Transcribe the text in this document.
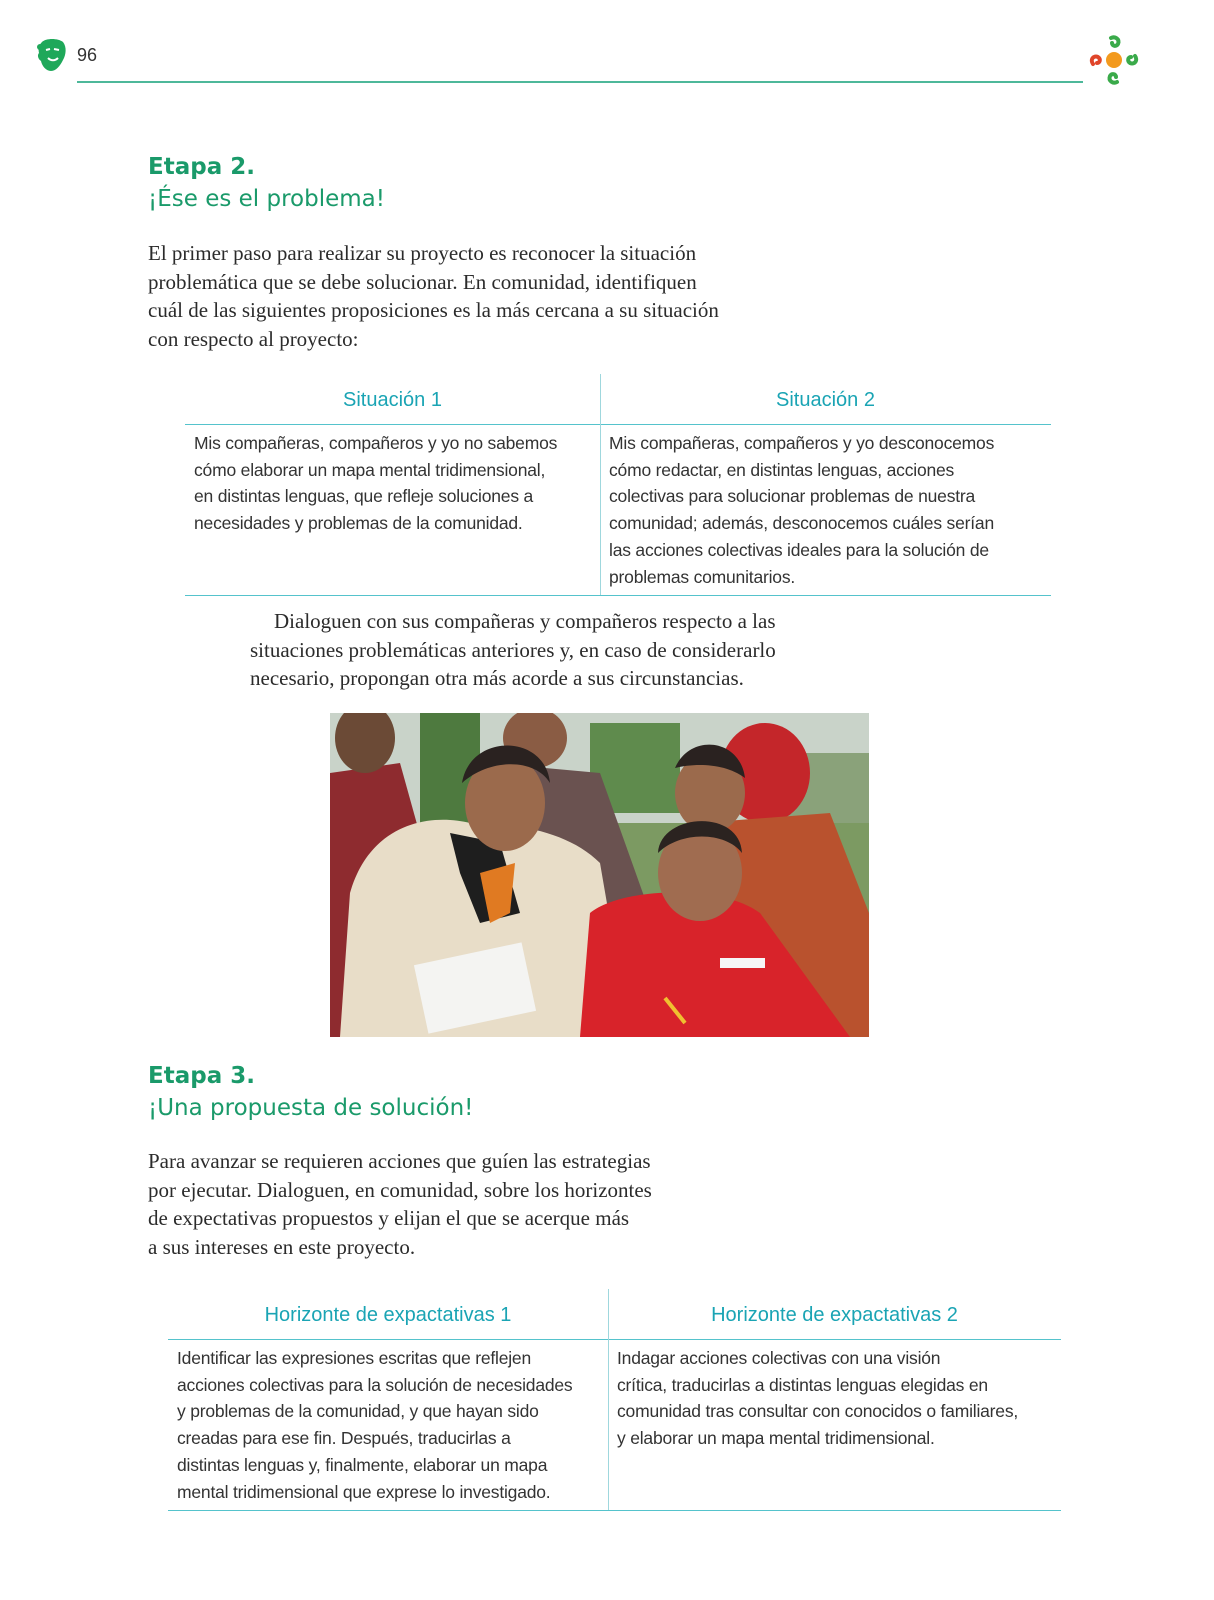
96
Etapa 2.
¡Ése es el problema!
El primer paso para realizar su proyecto es reconocer la situación
problemática que se debe solucionar. En comunidad, identifiquen
cuál de las siguientes proposiciones es la más cercana a su situación
con respecto al proyecto:
Situación 1	Situación 2
Mis compañeras, compañeros y yo no sabemos
cómo elaborar un mapa mental tridimensional,
en distintas lenguas, que refleje soluciones a
necesidades y problemas de la comunidad.
Mis compañeras, compañeros y yo desconocemos
cómo redactar, en distintas lenguas, acciones
colectivas para solucionar problemas de nuestra
comunidad; además, desconocemos cuáles serían
las acciones colectivas ideales para la solución de
problemas comunitarios.
Dialoguen con sus compañeras y compañeros respecto a las
situaciones problemáticas anteriores y, en caso de considerarlo
necesario, propongan otra más acorde a sus circunstancias.
Etapa 3.
¡Una propuesta de solución!
Para avanzar se requieren acciones que guíen las estrategias
por ejecutar. Dialoguen, en comunidad, sobre los horizontes
de expectativas propuestos y elijan el que se acerque más
a sus intereses en este proyecto.
Horizonte de expactativas 1	Horizonte de expactativas 2
Identificar las expresiones escritas que reflejen
acciones colectivas para la solución de necesidades
y problemas de la comunidad, y que hayan sido
creadas para ese fin. Después, traducirlas a
distintas lenguas y, finalmente, elaborar un mapa
mental tridimensional que exprese lo investigado.
Indagar acciones colectivas con una visión
crítica, traducirlas a distintas lenguas elegidas en
comunidad tras consultar con conocidos o familiares,
y elaborar un mapa mental tridimensional.
